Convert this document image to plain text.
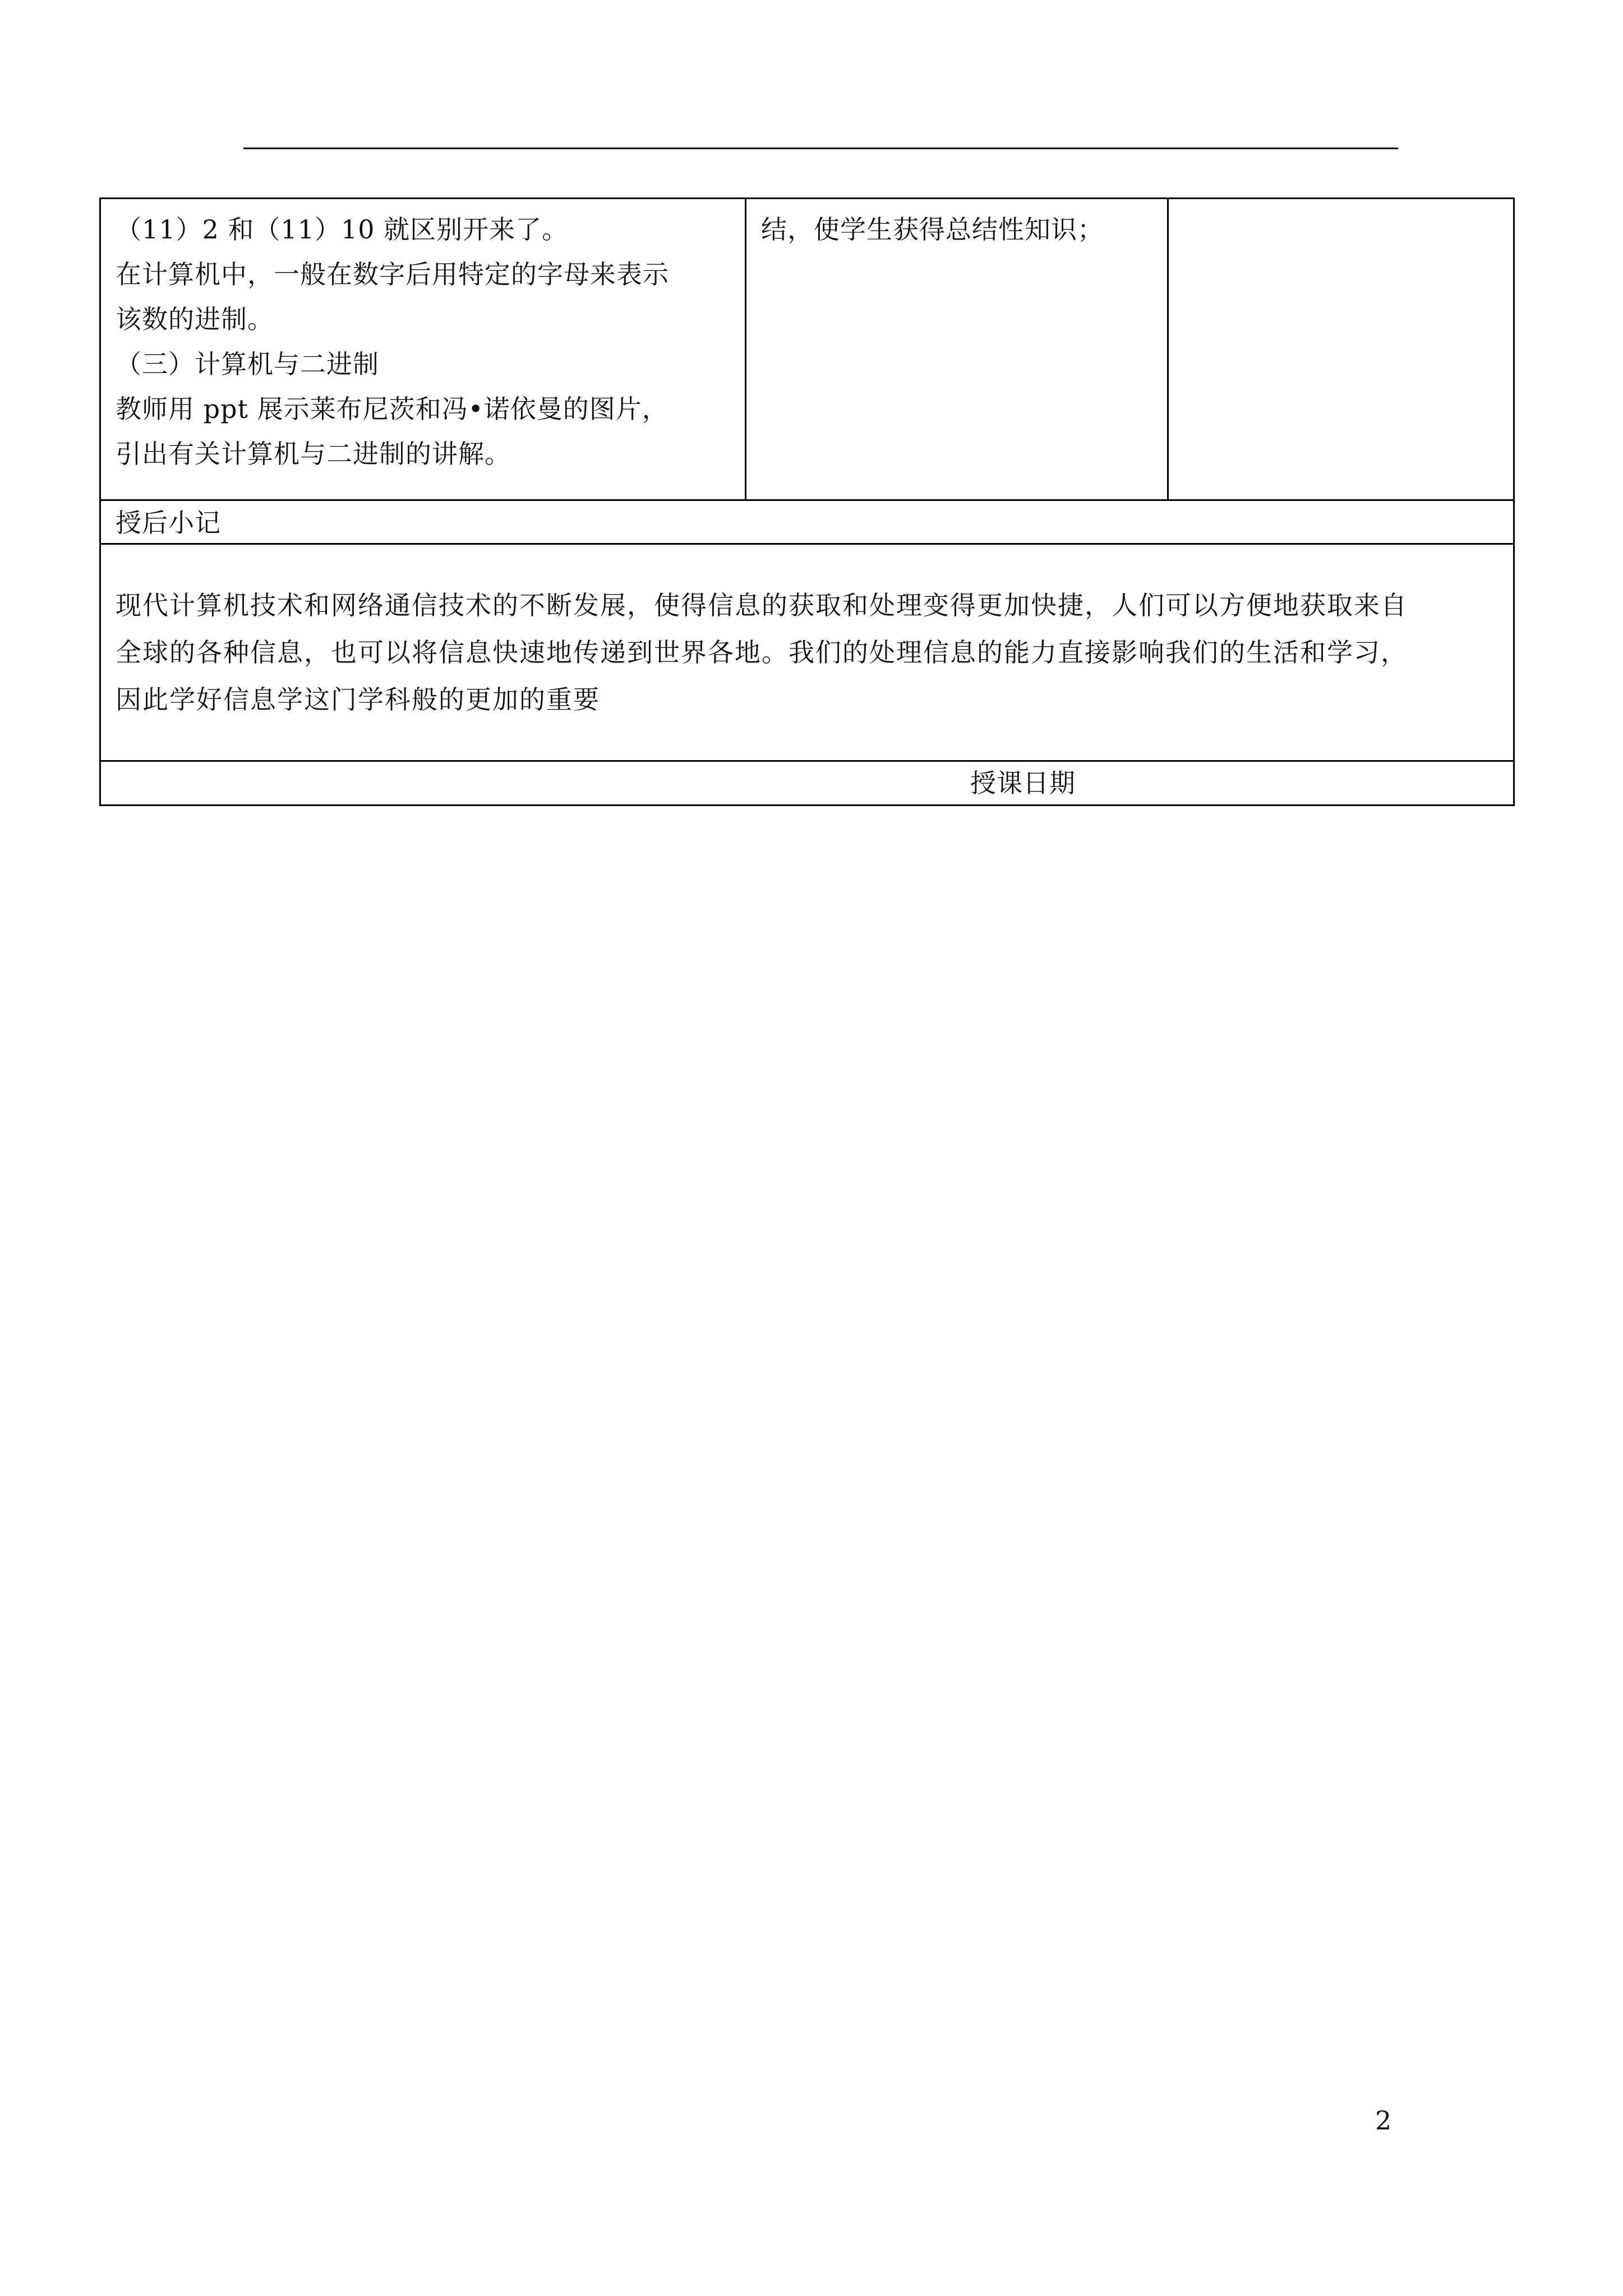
（11）2 和（11）10 就区别开来了。
在计算机中，一般在数字后用特定的字母来表示
该数的进制。
（三）计算机与二进制
教师用 ppt 展示莱布尼茨和冯•诺依曼的图片，
引出有关计算机与二进制的讲解。
结，使学生获得总结性知识；
授后小记
现代计算机技术和网络通信技术的不断发展，使得信息的获取和处理变得更加快捷，人们可以方便地获取来自
全球的各种信息，也可以将信息快速地传递到世界各地。我们的处理信息的能力直接影响我们的生活和学习，
因此学好信息学这门学科般的更加的重要
授课日期
2
